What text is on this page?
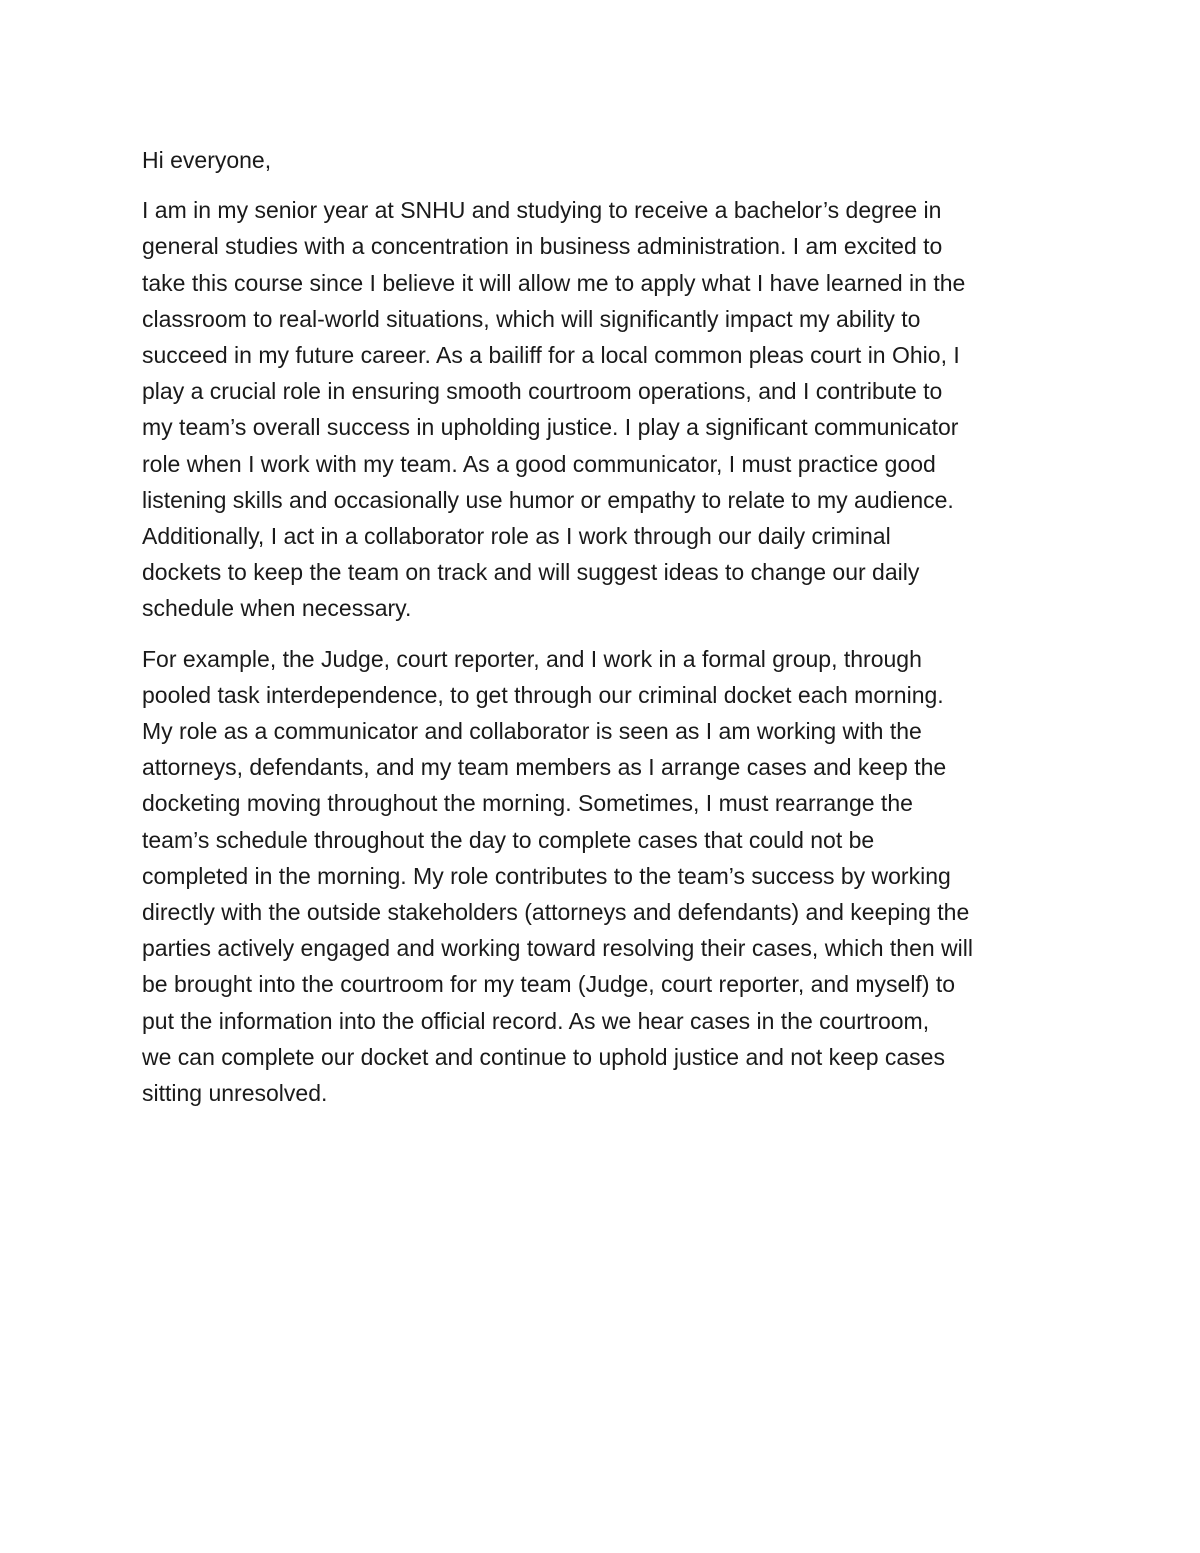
Hi everyone,

I am in my senior year at SNHU and studying to receive a bachelor’s degree in
general studies with a concentration in business administration. I am excited to
take this course since I believe it will allow me to apply what I have learned in the
classroom to real-world situations, which will significantly impact my ability to
succeed in my future career. As a bailiff for a local common pleas court in Ohio, I
play a crucial role in ensuring smooth courtroom operations, and I contribute to
my team’s overall success in upholding justice. I play a significant communicator
role when I work with my team. As a good communicator, I must practice good
listening skills and occasionally use humor or empathy to relate to my audience.
Additionally, I act in a collaborator role as I work through our daily criminal
dockets to keep the team on track and will suggest ideas to change our daily
schedule when necessary.

For example, the Judge, court reporter, and I work in a formal group, through
pooled task interdependence, to get through our criminal docket each morning.
My role as a communicator and collaborator is seen as I am working with the
attorneys, defendants, and my team members as I arrange cases and keep the
docketing moving throughout the morning. Sometimes, I must rearrange the
team’s schedule throughout the day to complete cases that could not be
completed in the morning. My role contributes to the team’s success by working
directly with the outside stakeholders (attorneys and defendants) and keeping the
parties actively engaged and working toward resolving their cases, which then will
be brought into the courtroom for my team (Judge, court reporter, and myself) to
put the information into the official record. As we hear cases in the courtroom,
we can complete our docket and continue to uphold justice and not keep cases
sitting unresolved.
